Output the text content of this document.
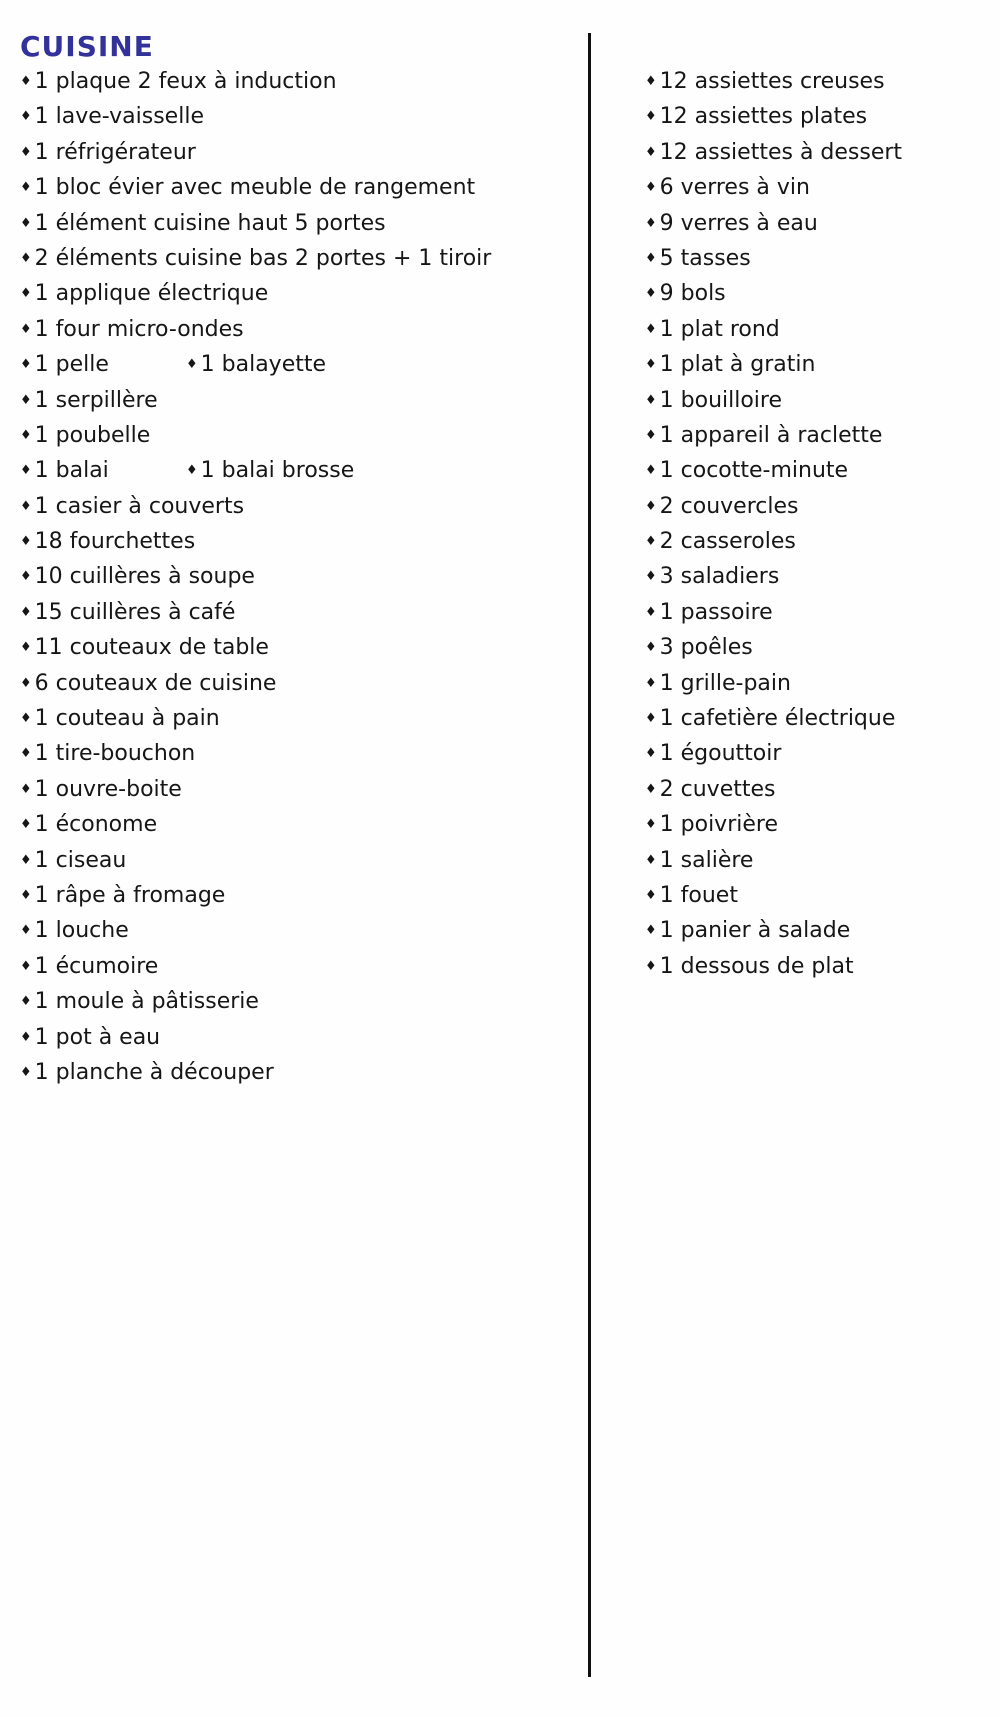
CUISINE
♦ 1 plaque 2 feux à induction
♦ 1 lave-vaisselle
♦ 1 réfrigérateur
♦ 1 bloc évier avec meuble de rangement
♦ 1 élément cuisine haut 5 portes
♦ 2 éléments cuisine bas 2 portes + 1 tiroir
♦ 1 applique électrique
♦ 1 four micro-ondes
♦ 1 pelle	♦ 1 balayette
♦ 1 serpillère
♦ 1 poubelle
♦ 1 balai	♦ 1 balai brosse
♦ 1 casier à couverts
♦ 18 fourchettes
♦ 10 cuillères à soupe
♦ 15 cuillères à café
♦ 11 couteaux de table
♦ 6 couteaux de cuisine
♦ 1 couteau à pain
♦ 1 tire-bouchon
♦ 1 ouvre-boite
♦ 1 économe
♦ 1 ciseau
♦ 1 râpe à fromage
♦ 1 louche
♦ 1 écumoire
♦ 1 moule à pâtisserie
♦ 1 pot à eau
♦ 1 planche à découper
♦ 12 assiettes creuses
♦ 12 assiettes plates
♦ 12 assiettes à dessert
♦ 6 verres à vin
♦ 9 verres à eau
♦ 5 tasses
♦ 9 bols
♦ 1 plat rond
♦ 1 plat à gratin
♦ 1 bouilloire
♦ 1 appareil à raclette
♦ 1 cocotte-minute
♦ 2 couvercles
♦ 2 casseroles
♦ 3 saladiers
♦ 1 passoire
♦ 3 poêles
♦ 1 grille-pain
♦ 1 cafetière électrique
♦ 1 égouttoir
♦ 2 cuvettes
♦ 1 poivrière
♦ 1 salière
♦ 1 fouet
♦ 1 panier à salade
♦ 1 dessous de plat
